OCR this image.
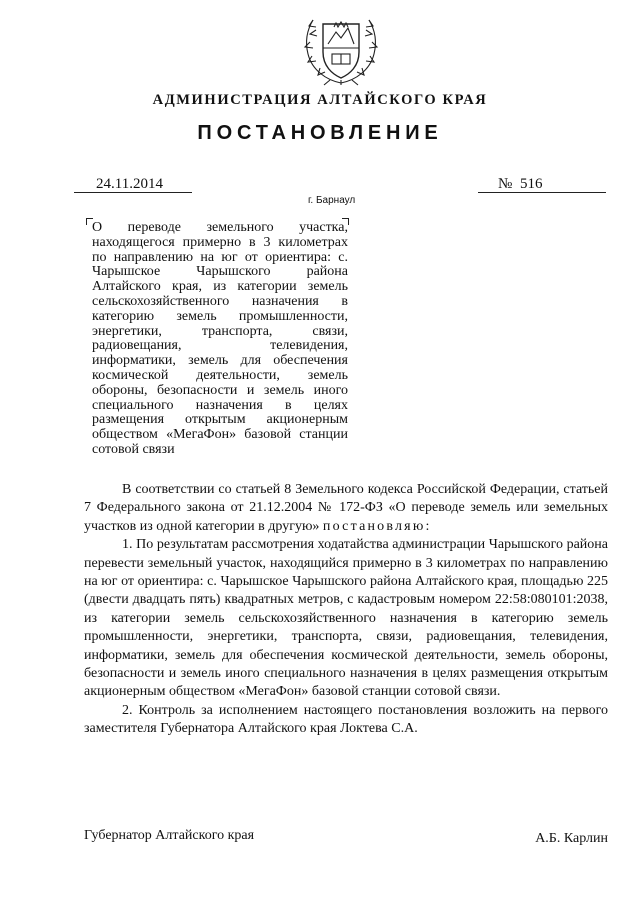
АДМИНИСТРАЦИЯ АЛТАЙСКОГО КРАЯ
ПОСТАНОВЛЕНИЕ
24.11.2014	№ 516
г. Барнаул
О переводе земельного участка, находящегося примерно в 3 километрах по направлению на юг от ориентира: с. Чарышское Чарышского района Алтайского края, из категории земель сельскохозяйственного назначения в категорию земель промышленности, энергетики, транспорта, связи, радиовещания, телевидения, информатики, земель для обеспечения космической деятельности, земель обороны, безопасности и земель иного специального назначения в целях размещения открытым акционерным обществом «МегаФон» базовой станции сотовой связи

В соответствии со статьей 8 Земельного кодекса Российской Федерации, статьей 7 Федерального закона от 21.12.2004 № 172-ФЗ «О переводе земель или земельных участков из одной категории в другую» постановляю:

1. По результатам рассмотрения ходатайства администрации Чарышского района перевести земельный участок, находящийся примерно в 3 километрах по направлению на юг от ориентира: с. Чарышское Чарышского района Алтайского края, площадью 225 (двести двадцать пять) квадратных метров, с кадастровым номером 22:58:080101:2038, из категории земель сельскохозяйственного назначения в категорию земель промышленности, энергетики, транспорта, связи, радиовещания, телевидения, информатики, земель для обеспечения космической деятельности, земель обороны, безопасности и земель иного специального назначения в целях размещения открытым акционерным обществом «МегаФон» базовой станции сотовой связи.

2. Контроль за исполнением настоящего постановления возложить на первого заместителя Губернатора Алтайского края Локтева С.А.

Губернатор Алтайского края	А.Б. Карлин
